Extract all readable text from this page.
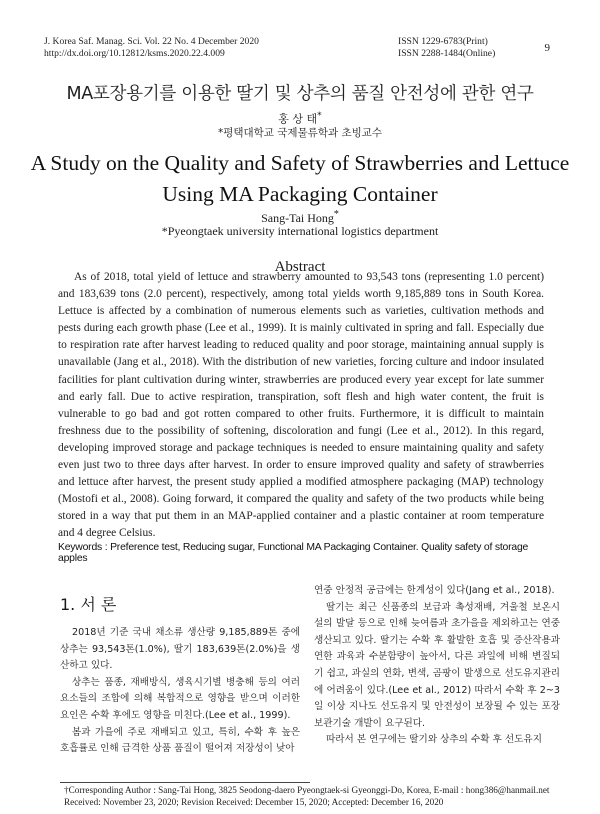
J. Korea Saf. Manag. Sci. Vol. 22 No. 4 December 2020
http://dx.doi.org/10.12812/ksms.2020.22.4.009
ISSN 1229-6783(Print)
ISSN 2288-1484(Online)	9
MA포장용기를 이용한 딸기 및 상추의 품질 안전성에 관한 연구
홍 상 태*
*평택대학교 국제물류학과 초빙교수
A Study on the Quality and Safety of Strawberries and Lettuce
Using MA Packaging Container
Sang-Tai Hong*
*Pyeongtaek university international logistics department
Abstract
As of 2018, total yield of lettuce and strawberry amounted to 93,543 tons (representing 1.0 percent) and 183,639 tons (2.0 percent), respectively, among total yields worth 9,185,889 tons in South Korea. Lettuce is affected by a combination of numerous elements such as varieties, cultivation methods and pests during each growth phase (Lee et al., 1999). It is mainly cultivated in spring and fall. Especially due to respiration rate after harvest leading to reduced quality and poor storage, maintaining annual supply is unavailable (Jang et al., 2018). With the distribution of new varieties, forcing culture and indoor insulated facilities for plant cultivation during winter, strawberries are produced every year except for late summer and early fall. Due to active respiration, transpiration, soft flesh and high water content, the fruit is vulnerable to go bad and got rotten compared to other fruits. Furthermore, it is difficult to maintain freshness due to the possibility of softening, discoloration and fungi (Lee et al., 2012). In this regard, developing improved storage and package techniques is needed to ensure maintaining quality and safety even just two to three days after harvest. In order to ensure improved quality and safety of strawberries and lettuce after harvest, the present study applied a modified atmosphere packaging (MAP) technology (Mostofi et al., 2008). Going forward, it compared the quality and safety of the two products while being stored in a way that put them in an MAP-applied container and a plastic container at room temperature and 4 degree Celsius.
Keywords : Preference test, Reducing sugar, Functional MA Packaging Container. Quality safety of storage apples
1. 서 론

2018년 기준 국내 채소류 생산량 9,185,889톤 중에 상추는 93,543톤(1.0%), 딸기 183,639톤(2.0%)을 생산하고 있다.

상추는 품종, 재배방식, 생육시기별 병충해 등의 여러 요소들의 조합에 의해 복합적으로 영향을 받으며 이러한 요인은 수확 후에도 영향을 미친다.(Lee et al., 1999).

봄과 가을에 주로 재배되고 있고, 특히, 수확 후 높은 호흡률로 인해 급격한 상품 품질이 떨어져 저장성이 낮아

연중 안정적 공급에는 한계성이 있다(Jang et al., 2018).

딸기는 최근 신품종의 보급과 촉성재배, 겨울철 보온시설의 발달 등으로 인해 늦여름과 초가을을 제외하고는 연중 생산되고 있다. 딸기는 수확 후 활발한 호흡 및 증산작용과 연한 과육과 수분함량이 높아서, 다른 과일에 비해 변질되기 쉽고, 과실의 연화, 변색, 곰팡이 발생으로 선도유지관리에 어려움이 있다.(Lee et al., 2012) 따라서 수확 후 2~3일 이상 지나도 선도유지 및 안전성이 보장될 수 있는 포장 보관기술 개발이 요구된다.

따라서 본 연구에는 딸기와 상추의 수확 후 선도유지

†Corresponding Author : Sang-Tai Hong, 3825 Seodong-daero Pyeongtaek-si Gyeonggi-Do, Korea, E-mail : hong386@hanmail.net
Received: November 23, 2020; Revision Received: December 15, 2020; Accepted: December 16, 2020
